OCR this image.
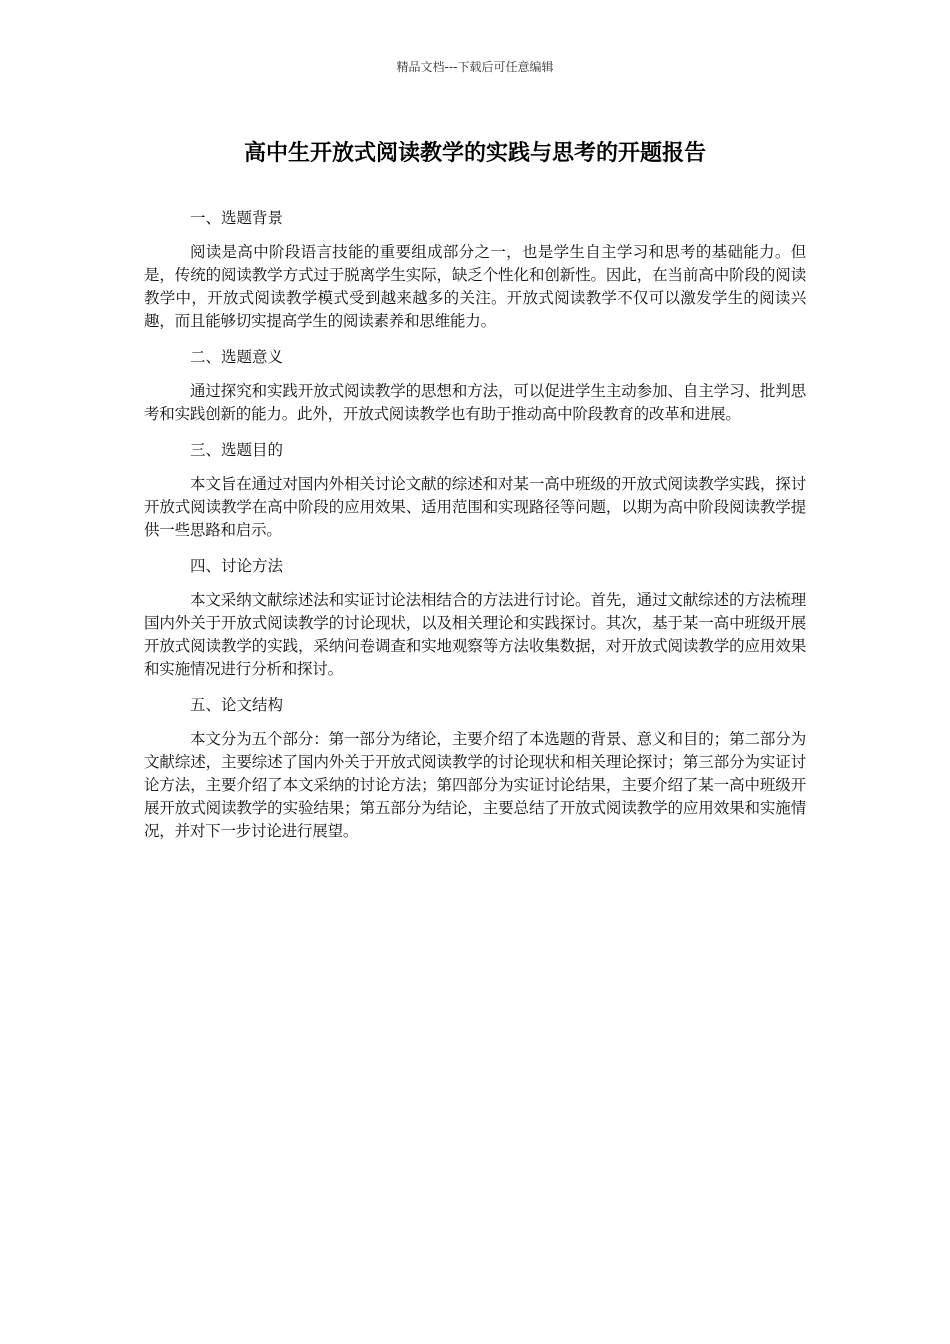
精品文档---下载后可任意编辑
高中生开放式阅读教学的实践与思考的开题报告

一、选题背景

阅读是高中阶段语言技能的重要组成部分之一，也是学生自主学习和思考的基础能力。但是，传统的阅读教学方式过于脱离学生实际，缺乏个性化和创新性。因此，在当前高中阶段的阅读教学中，开放式阅读教学模式受到越来越多的关注。开放式阅读教学不仅可以激发学生的阅读兴趣，而且能够切实提高学生的阅读素养和思维能力。

二、选题意义

通过探究和实践开放式阅读教学的思想和方法，可以促进学生主动参加、自主学习、批判思考和实践创新的能力。此外，开放式阅读教学也有助于推动高中阶段教育的改革和进展。

三、选题目的

本文旨在通过对国内外相关讨论文献的综述和对某一高中班级的开放式阅读教学实践，探讨开放式阅读教学在高中阶段的应用效果、适用范围和实现路径等问题，以期为高中阶段阅读教学提供一些思路和启示。

四、讨论方法

本文采纳文献综述法和实证讨论法相结合的方法进行讨论。首先，通过文献综述的方法梳理国内外关于开放式阅读教学的讨论现状，以及相关理论和实践探讨。其次，基于某一高中班级开展开放式阅读教学的实践，采纳问卷调查和实地观察等方法收集数据，对开放式阅读教学的应用效果和实施情况进行分析和探讨。

五、论文结构

本文分为五个部分：第一部分为绪论，主要介绍了本选题的背景、意义和目的；第二部分为文献综述，主要综述了国内外关于开放式阅读教学的讨论现状和相关理论探讨；第三部分为实证讨论方法，主要介绍了本文采纳的讨论方法；第四部分为实证讨论结果，主要介绍了某一高中班级开展开放式阅读教学的实验结果；第五部分为结论，主要总结了开放式阅读教学的应用效果和实施情况，并对下一步讨论进行展望。
